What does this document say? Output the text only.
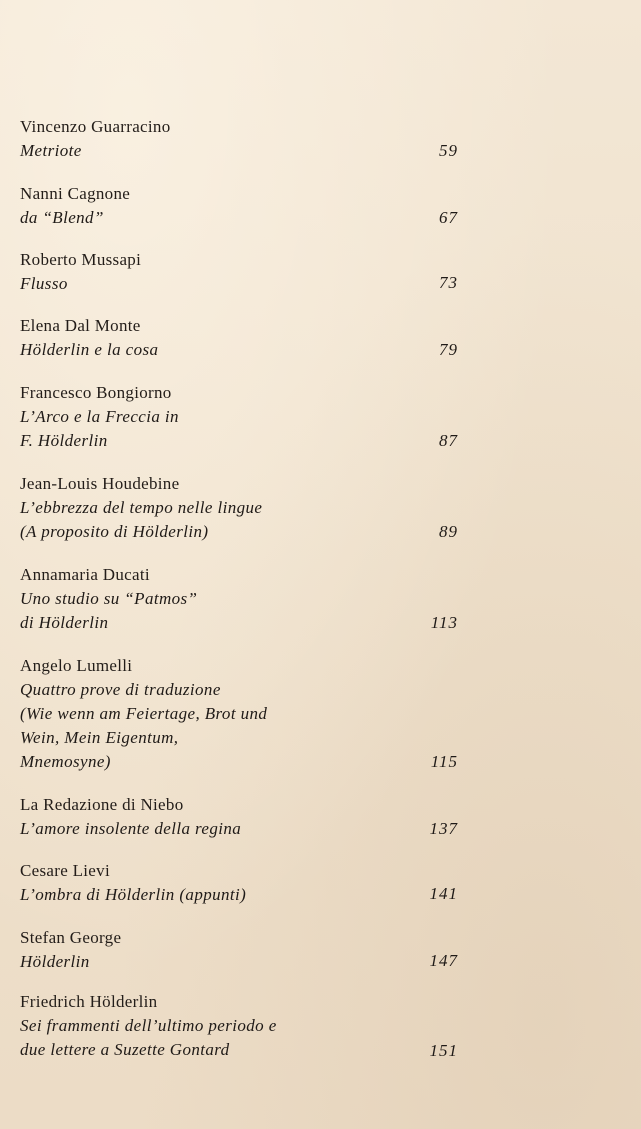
Vincenzo Guarracino
Metriote	59
Nanni Cagnone
da “Blend”	67
Roberto Mussapi
Flusso	73
Elena Dal Monte
Hölderlin e la cosa	79
Francesco Bongiorno
L’Arco e la Freccia in
F. Hölderlin	87
Jean-Louis Houdebine
L’ebbrezza del tempo nelle lingue
(A proposito di Hölderlin)	89
Annamaria Ducati
Uno studio su “Patmos”
di Hölderlin	113
Angelo Lumelli
Quattro prove di traduzione
(Wie wenn am Feiertage, Brot und
Wein, Mein Eigentum,
Mnemosyne)	115
La Redazione di Niebo
L’amore insolente della regina	137
Cesare Lievi
L’ombra di Hölderlin (appunti)	141
Stefan George
Hölderlin	147
Friedrich Hölderlin
Sei frammenti dell’ultimo periodo e
due lettere a Suzette Gontard	151
